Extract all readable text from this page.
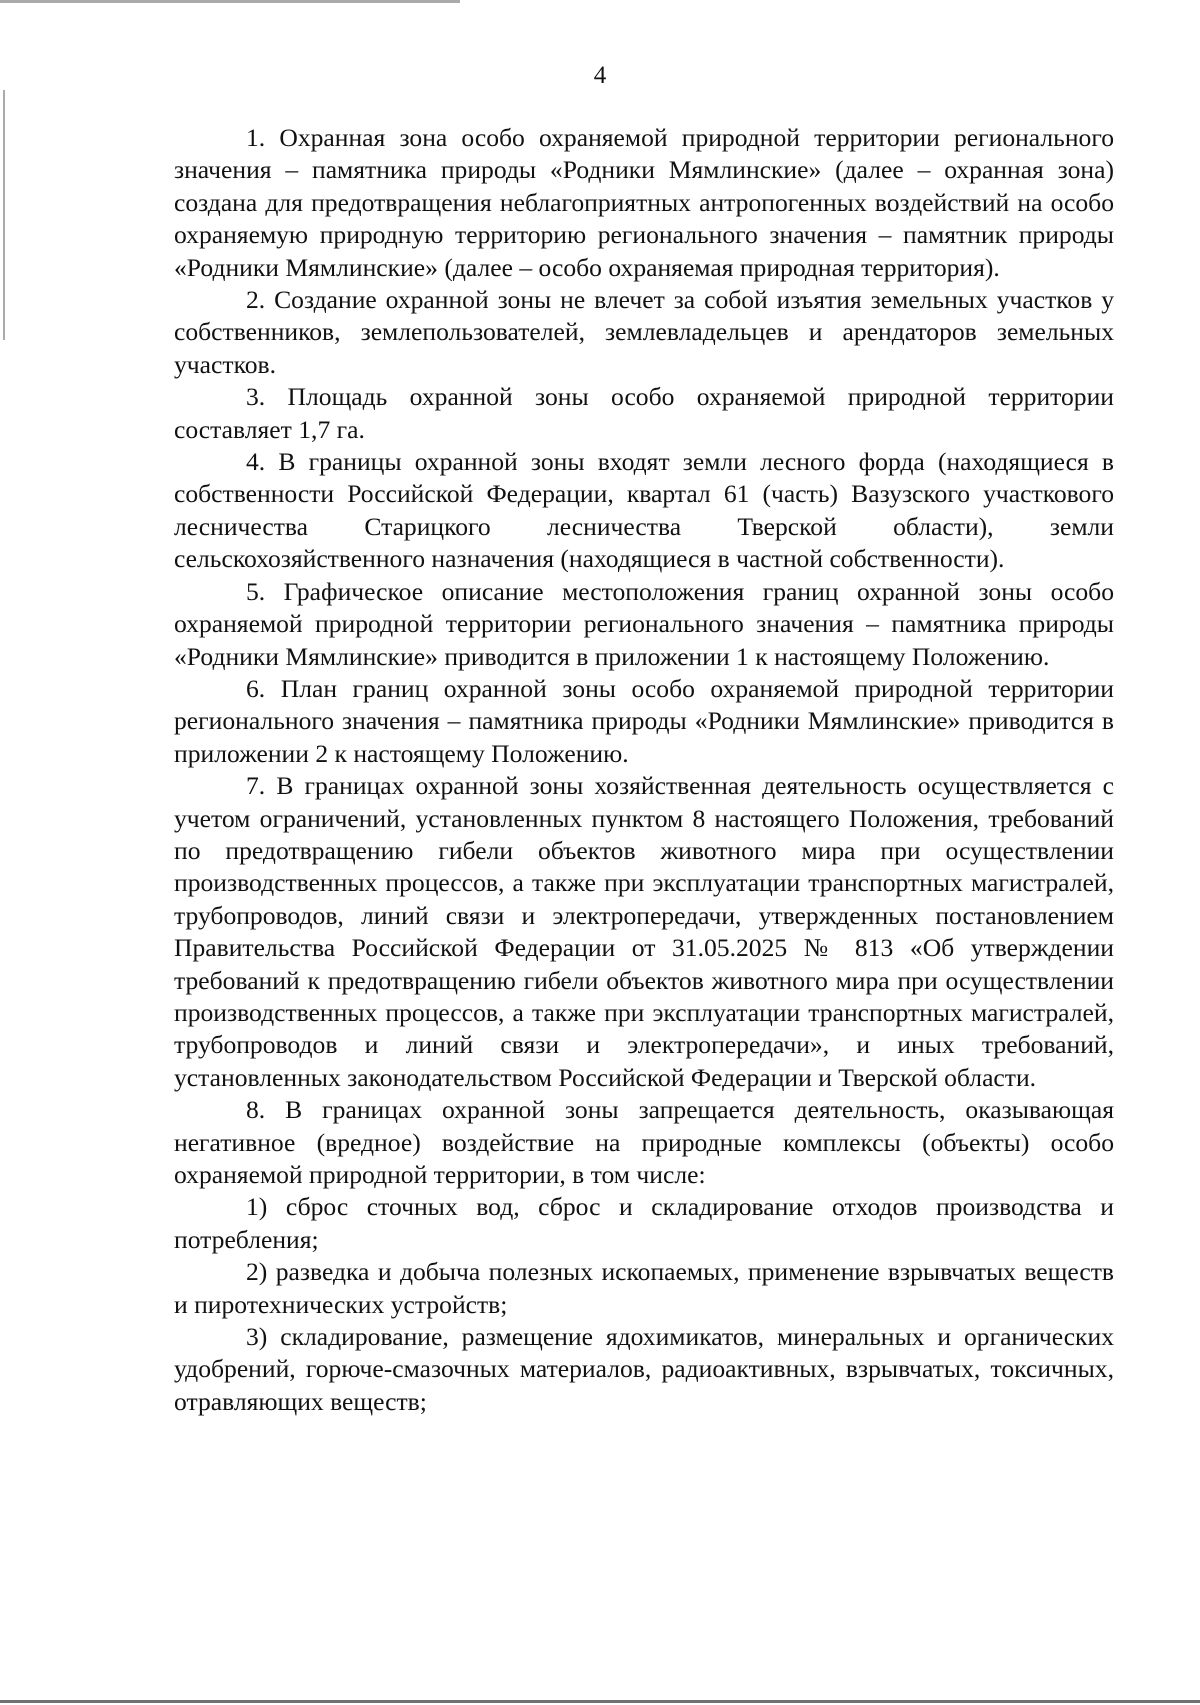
4

1. Охранная зона особо охраняемой природной территории регионального значения – памятника природы «Родники Мямлинские» (далее – охранная зона) создана для предотвращения неблагоприятных антропогенных воздействий на особо охраняемую природную территорию регионального значения – памятник природы «Родники Мямлинские» (далее – особо охраняемая природная территория).

2. Создание охранной зоны не влечет за собой изъятия земельных участков у собственников, землепользователей, землевладельцев и арендаторов земельных участков.

3. Площадь охранной зоны особо охраняемой природной территории составляет 1,7 га.

4. В границы охранной зоны входят земли лесного форда (находящиеся в собственности Российской Федерации, квартал 61 (часть) Вазузского участкового лесничества Старицкого лесничества Тверской области), земли сельскохозяйственного назначения (находящиеся в частной собственности).

5. Графическое описание местоположения границ охранной зоны особо охраняемой природной территории регионального значения – памятника природы «Родники Мямлинские» приводится в приложении 1 к настоящему Положению.

6. План границ охранной зоны особо охраняемой природной территории регионального значения – памятника природы «Родники Мямлинские» приводится в приложении 2 к настоящему Положению.

7. В границах охранной зоны хозяйственная деятельность осуществляется с учетом ограничений, установленных пунктом 8 настоящего Положения, требований по предотвращению гибели объектов животного мира при осуществлении производственных процессов, а также при эксплуатации транспортных магистралей, трубопроводов, линий связи и электропередачи, утвержденных постановлением Правительства Российской Федерации от 31.05.2025 № 813 «Об утверждении требований к предотвращению гибели объектов животного мира при осуществлении производственных процессов, а также при эксплуатации транспортных магистралей, трубопроводов и линий связи и электропередачи», и иных требований, установленных законодательством Российской Федерации и Тверской области.

8. В границах охранной зоны запрещается деятельность, оказывающая негативное (вредное) воздействие на природные комплексы (объекты) особо охраняемой природной территории, в том числе:

1) сброс сточных вод, сброс и складирование отходов производства и потребления;

2) разведка и добыча полезных ископаемых, применение взрывчатых веществ и пиротехнических устройств;

3) складирование, размещение ядохимикатов, минеральных и органических удобрений, горюче-смазочных материалов, радиоактивных, взрывчатых, токсичных, отравляющих веществ;
